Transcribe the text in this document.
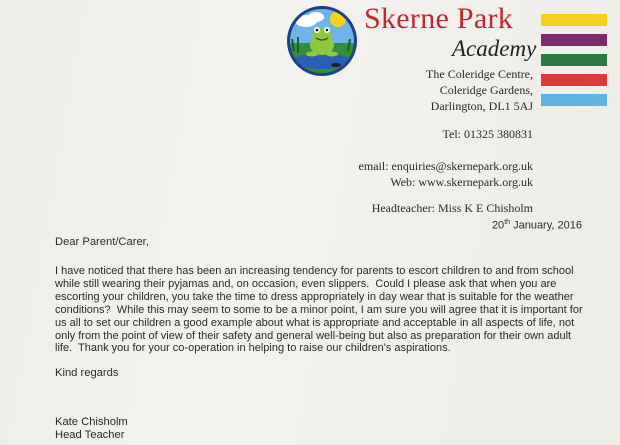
Skerne Park
Academy
The Coleridge Centre,
Coleridge Gardens,
Darlington, DL1 5AJ
Tel: 01325 380831
email: enquiries@skernepark.org.uk
Web: www.skernepark.org.uk
Headteacher: Miss K E Chisholm
20th January, 2016
Dear Parent/Carer,
I have noticed that there has been an increasing tendency for parents to escort children to and from school
while still wearing their pyjamas and, on occasion, even slippers.  Could I please ask that when you are
escorting your children, you take the time to dress appropriately in day wear that is suitable for the weather
conditions?  While this may seem to some to be a minor point, I am sure you will agree that it is important for
us all to set our children a good example about what is appropriate and acceptable in all aspects of life, not
only from the point of view of their safety and general well-being but also as preparation for their own adult
life.  Thank you for your co-operation in helping to raise our children's aspirations.
Kind regards
Kate Chisholm
Head Teacher
